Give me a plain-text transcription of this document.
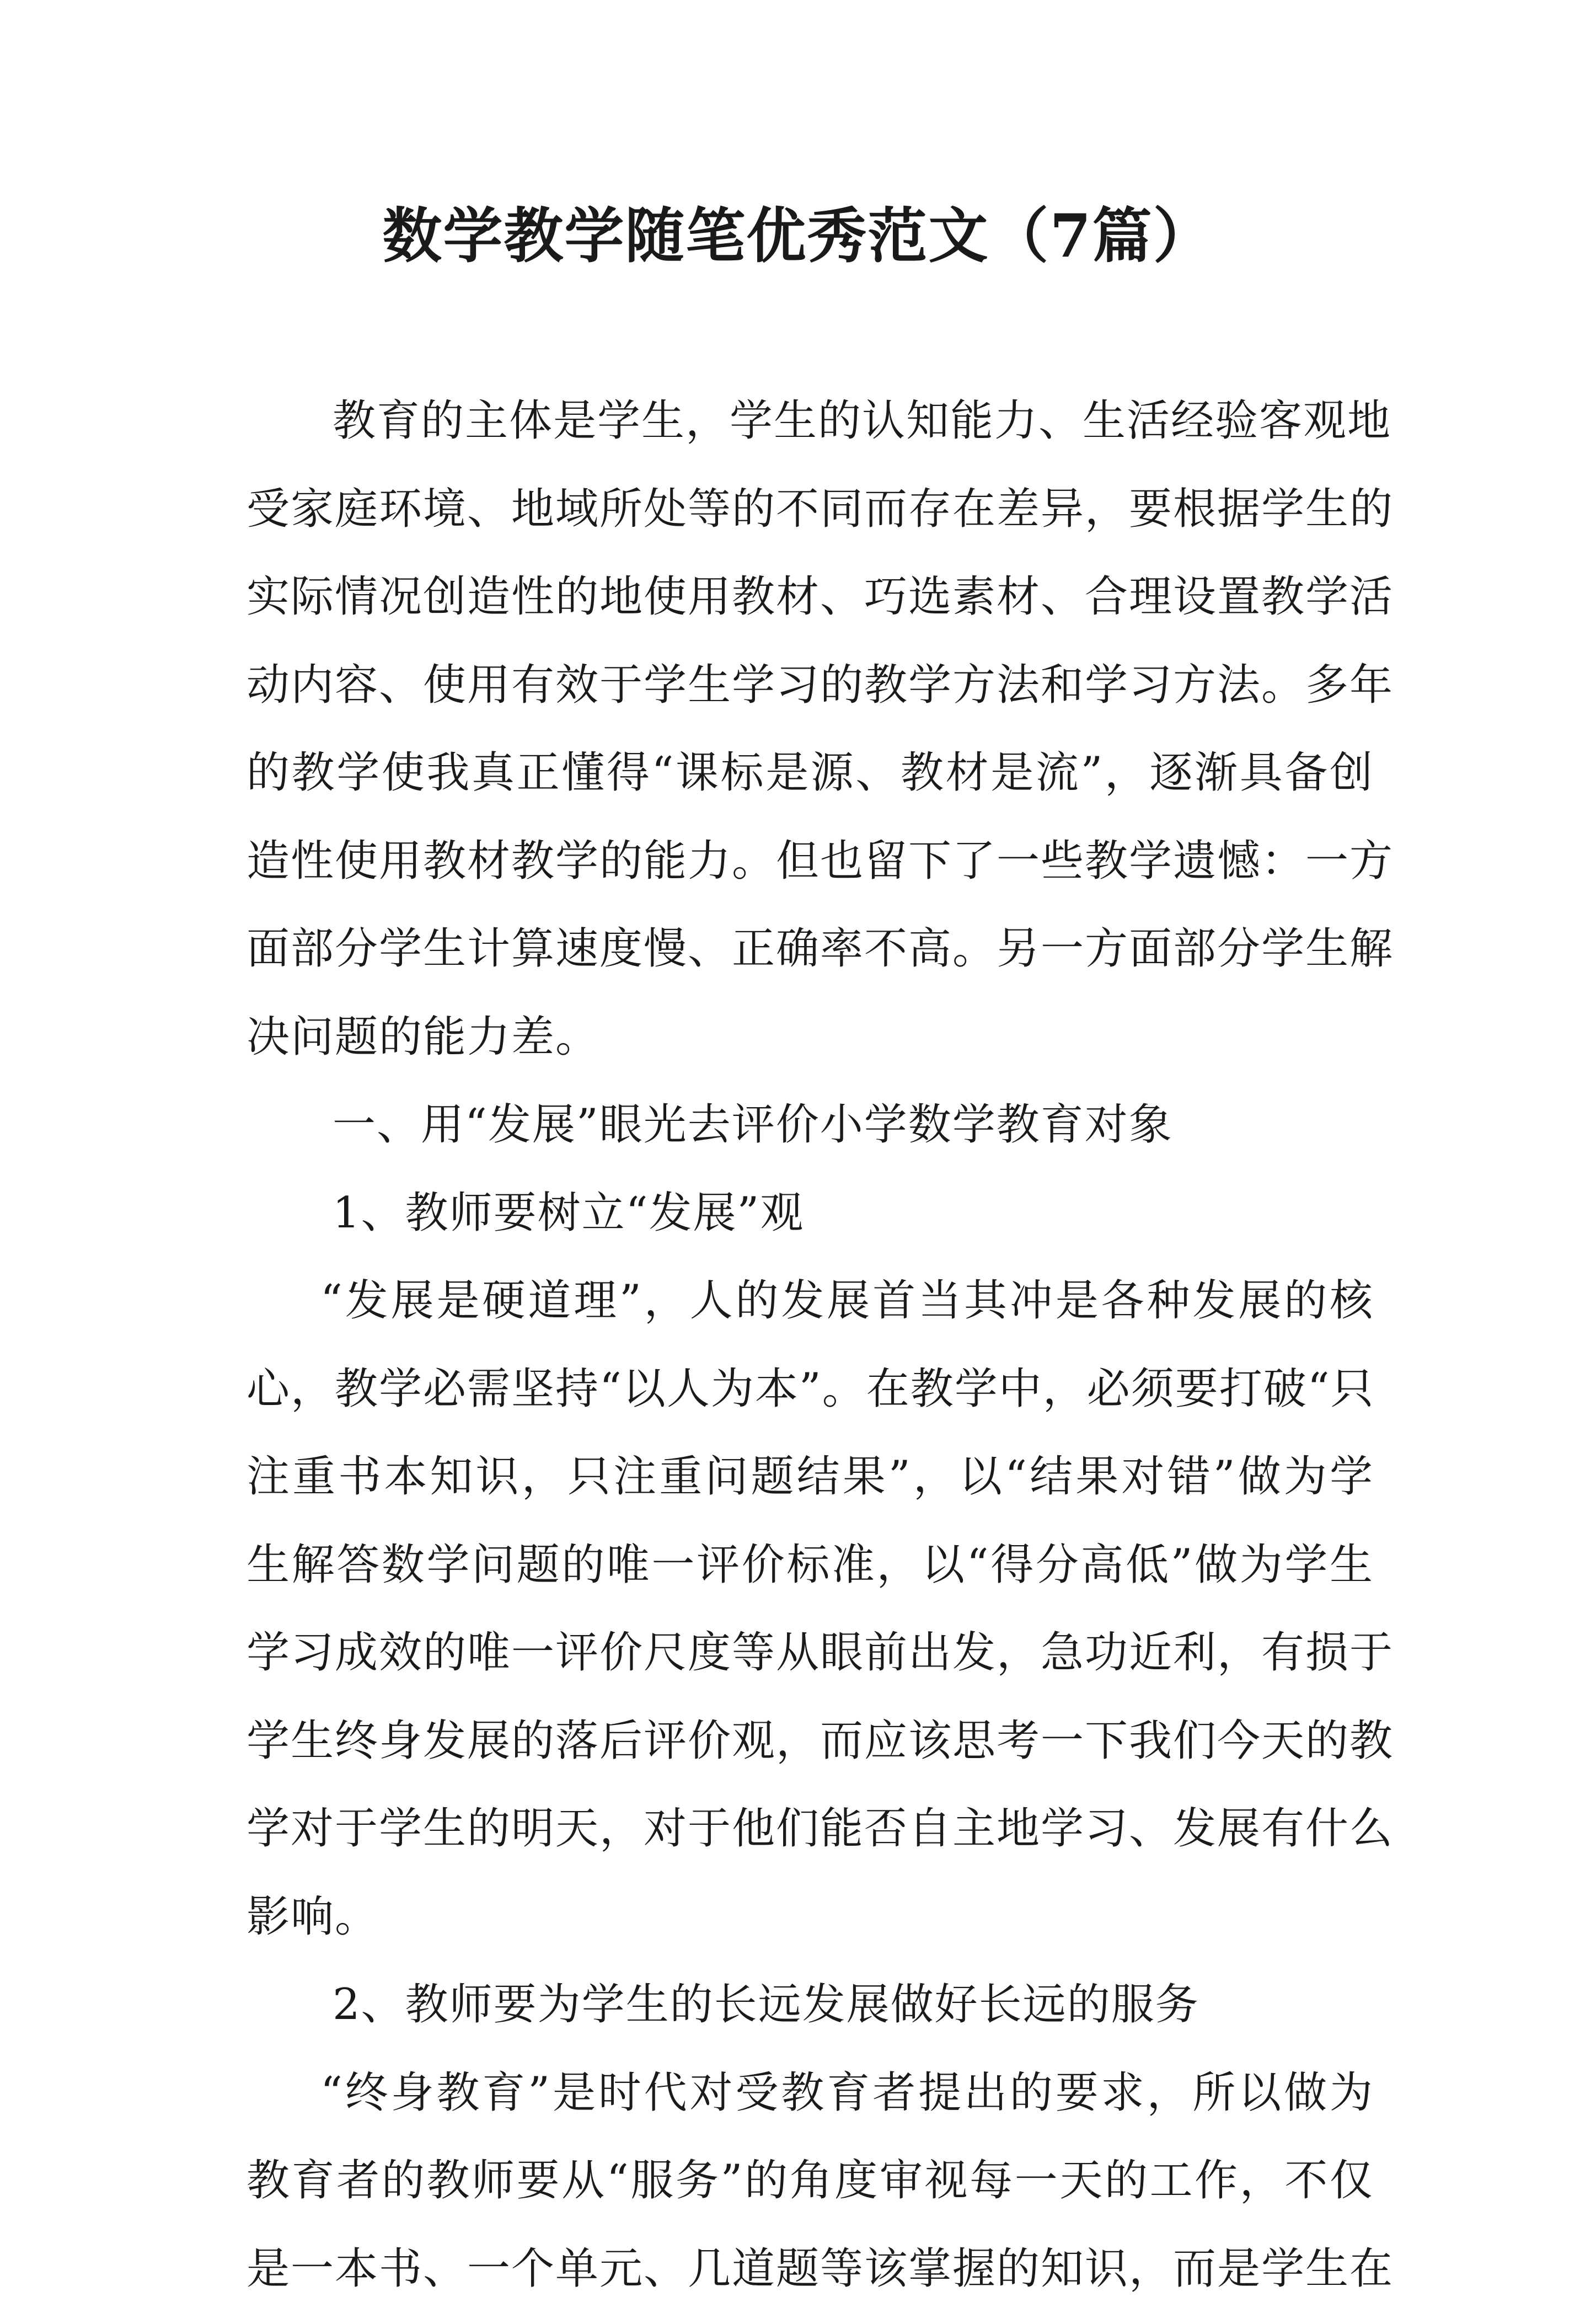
数学教学随笔优秀范文（7篇）
教育的主体是学生，学生的认知能力、生活经验客观地
受家庭环境、地域所处等的不同而存在差异，要根据学生的
实际情况创造性的地使用教材、巧选素材、合理设置教学活
动内容、使用有效于学生学习的教学方法和学习方法。多年
的教学使我真正懂得“课标是源、教材是流”，逐渐具备创
造性使用教材教学的能力。但也留下了一些教学遗憾：一方
面部分学生计算速度慢、正确率不高。另一方面部分学生解
决问题的能力差。
一、用“发展”眼光去评价小学数学教育对象
1、教师要树立“发展”观
“发展是硬道理”，人的发展首当其冲是各种发展的核
心，教学必需坚持“以人为本”。在教学中，必须要打破“只
注重书本知识，只注重问题结果”，以“结果对错”做为学
生解答数学问题的唯一评价标准，以“得分高低”做为学生
学习成效的唯一评价尺度等从眼前出发，急功近利，有损于
学生终身发展的落后评价观，而应该思考一下我们今天的教
学对于学生的明天，对于他们能否自主地学习、发展有什么
影响。
2、教师要为学生的长远发展做好长远的服务
“终身教育”是时代对受教育者提出的要求，所以做为
教育者的教师要从“服务”的角度审视每一天的工作，不仅
是一本书、一个单元、几道题等该掌握的知识，而是学生在
